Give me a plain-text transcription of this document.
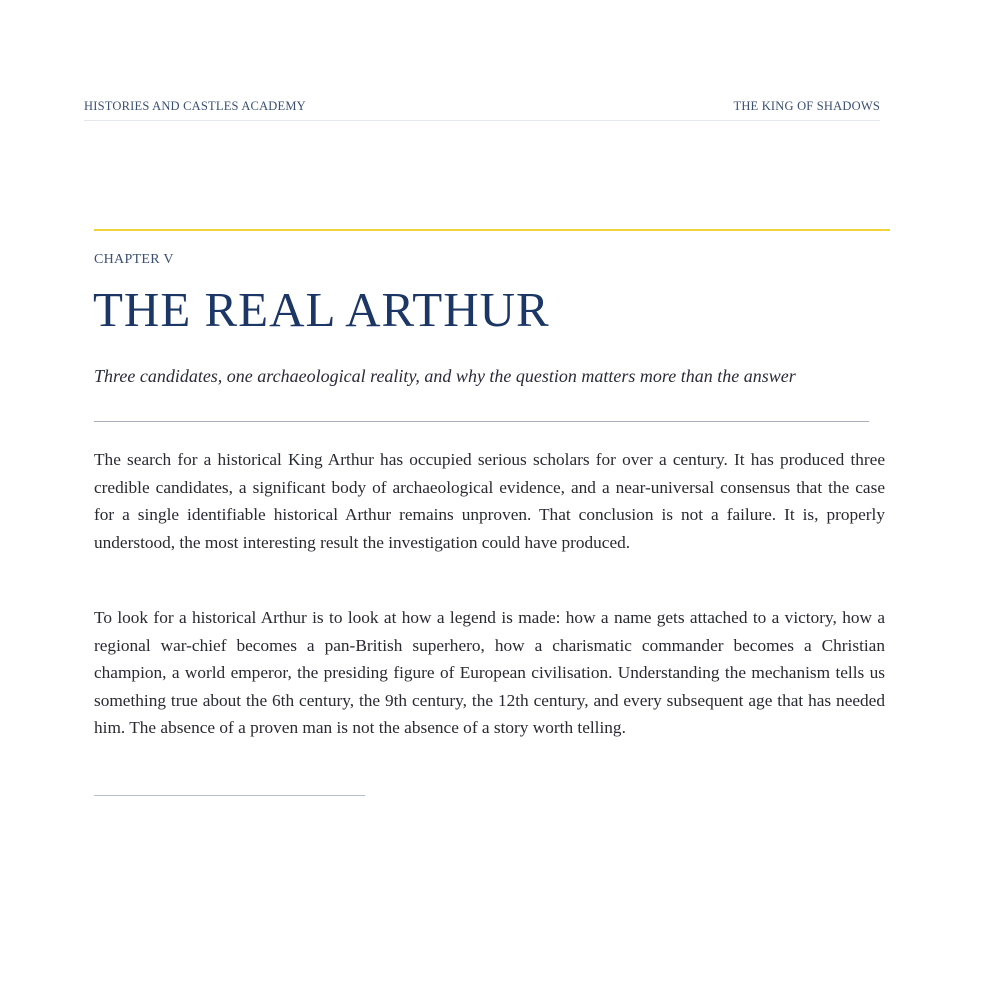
HISTORIES AND CASTLES ACADEMY	THE KING OF SHADOWS
CHAPTER V
THE REAL ARTHUR

Three candidates, one archaeological reality, and why the question matters more than the answer

The search for a historical King Arthur has occupied serious scholars for over a century. It has produced three credible candidates, a significant body of archaeological evidence, and a near-universal consensus that the case for a single identifiable historical Arthur remains unproven. That conclusion is not a failure. It is, properly understood, the most interesting result the investigation could have produced.

To look for a historical Arthur is to look at how a legend is made: how a name gets attached to a victory, how a regional war-chief becomes a pan-British superhero, how a charismatic commander becomes a Christian champion, a world emperor, the presiding figure of European civilisation. Understanding the mechanism tells us something true about the 6th century, the 9th century, the 12th century, and every subsequent age that has needed him. The absence of a proven man is not the absence of a story worth telling.
